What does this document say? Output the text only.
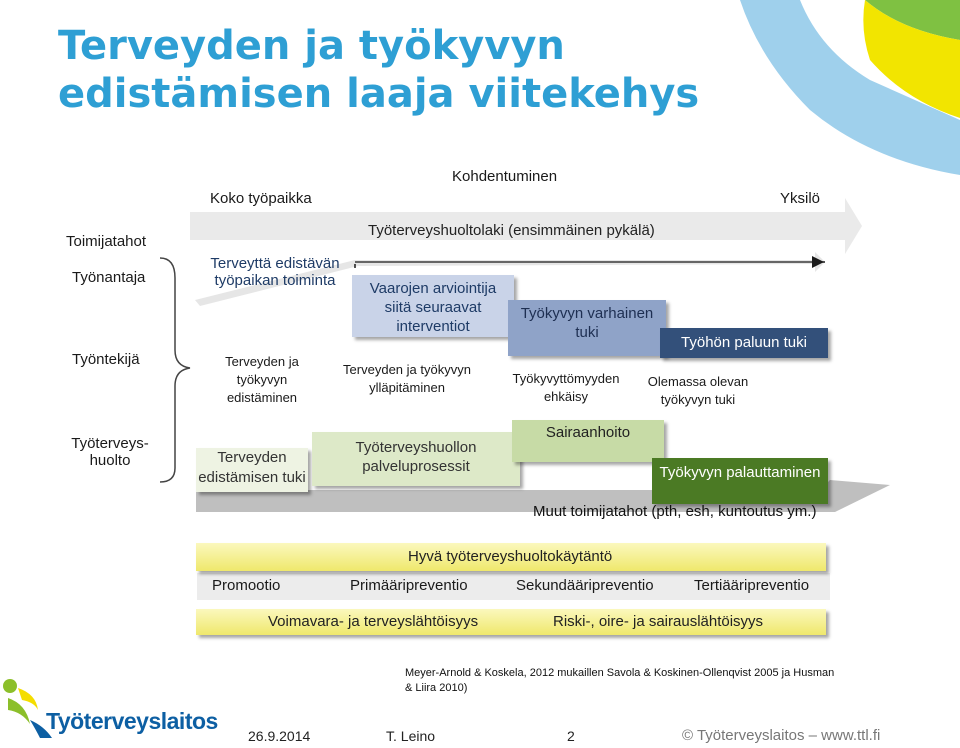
Terveyden ja työkyvyn
edistämisen laaja viitekehys
Kohdentuminen
Koko työpaikka	Yksilö
Toimijatahot
Työnantaja
Työntekijä
Työterveys-
huolto
Työterveyshuoltolaki (ensimmäinen pykälä)
Terveyttä edistävän
työpaikan toiminta	Vaarojen arviointija
siitä seuraavat
interventiot
Työkyvyn varhainen
tuki
Työhön paluun tuki
Terveyden ja
työkyvyn
edistäminen
Terveyden ja työkyvyn
ylläpitäminen
Työkyvyttömyyden
ehkäisy
Olemassa olevan
työkyvyn tuki
Terveyden
edistämisen tuki
Työterveyshuollon
palveluprosessit
Sairaanhoito
Työkyvyn palauttaminen
Muut toimijatahot (pth, esh, kuntoutus ym.)
Hyvä työterveyshuoltokäytäntö
Promootio	Primääripreventio	Sekundääripreventio	Tertiääripreventio
Voimavara- ja terveyslähtöisyys	Riski-, oire- ja sairauslähtöisyys
Meyer-Arnold & Koskela, 2012 mukaillen Savola & Koskinen-Ollenqvist 2005 ja Husman & Liira 2010)
Työterveyslaitos
26.9.2014	T. Leino	2	© Työterveyslaitos – www.ttl.fi
